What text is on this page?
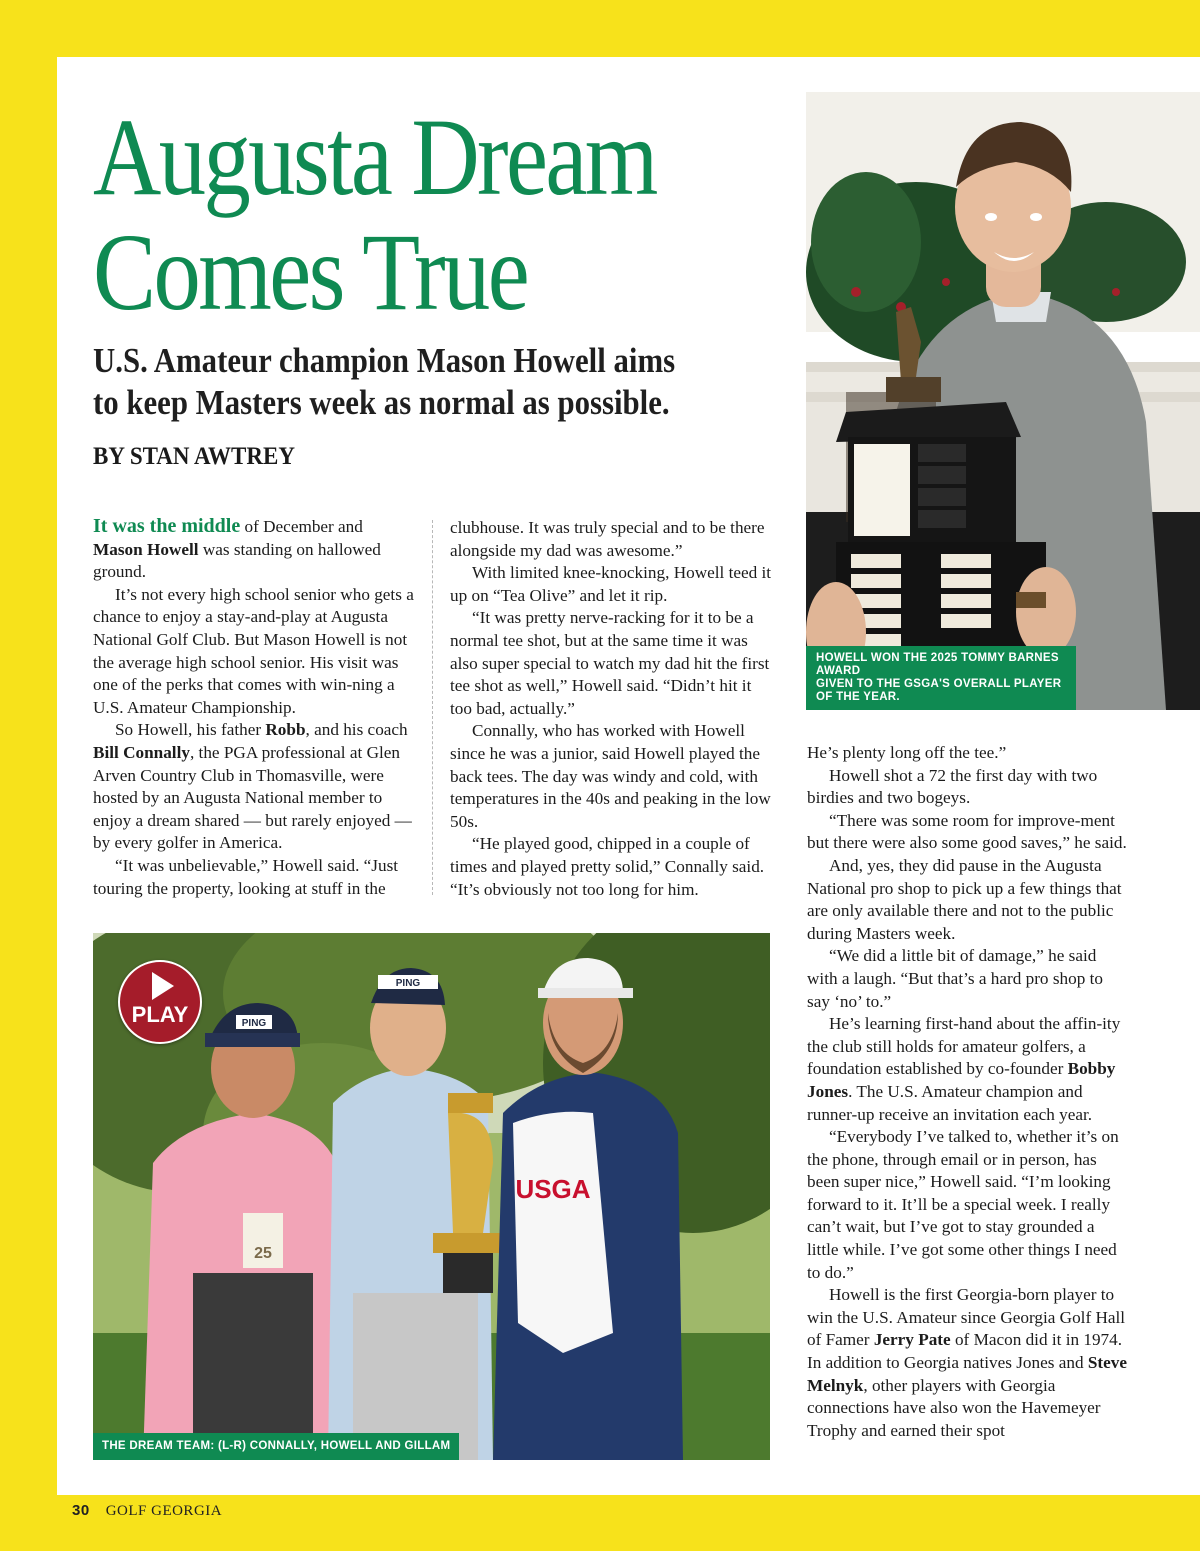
Augusta Dream
Comes True
U.S. Amateur champion Mason Howell aims
to keep Masters week as normal as possible.

BY STAN AWTREY

HOWELL WON THE 2025 TOMMY BARNES AWARD
GIVEN TO THE GSGA'S OVERALL PLAYER OF THE YEAR.

It was the middle of December and Mason Howell was standing on hallowed ground.

It’s not every high school senior who gets a chance to enjoy a stay-and-play at Augusta National Golf Club. But Mason Howell is not the average high school senior. His visit was one of the perks that comes with win-ning a U.S. Amateur Championship.

So Howell, his father Robb, and his coach Bill Connally, the PGA professional at Glen Arven Country Club in Thomasville, were hosted by an Augusta National member to enjoy a dream shared — but rarely enjoyed — by every golfer in America.

“It was unbelievable,” Howell said. “Just touring the property, looking at stuff in the

clubhouse. It was truly special and to be there alongside my dad was awesome.”

With limited knee-knocking, Howell teed it up on “Tea Olive” and let it rip.

“It was pretty nerve-racking for it to be a normal tee shot, but at the same time it was also super special to watch my dad hit the first tee shot as well,” Howell said. “Didn’t hit it too bad, actually.”

Connally, who has worked with Howell since he was a junior, said Howell played the back tees. The day was windy and cold, with temperatures in the 40s and peaking in the low 50s.

“He played good, chipped in a couple of times and played pretty solid,” Connally said. “It’s obviously not too long for him.

He’s plenty long off the tee.”

Howell shot a 72 the first day with two birdies and two bogeys.

“There was some room for improve-ment but there were also some good saves,” he said.

And, yes, they did pause in the Augusta National pro shop to pick up a few things that are only available there and not to the public during Masters week.

“We did a little bit of damage,” he said with a laugh. “But that’s a hard pro shop to say ‘no’ to.”

He’s learning first-hand about the affin-ity the club still holds for amateur golfers, a foundation established by co-founder Bobby Jones. The U.S. Amateur champion and runner-up receive an invitation each year.

“Everybody I’ve talked to, whether it’s on the phone, through email or in person, has been super nice,” Howell said. “I’m looking forward to it. It’ll be a special week. I really can’t wait, but I’ve got to stay grounded a little while. I’ve got some other things I need to do.”

Howell is the first Georgia-born player to win the U.S. Amateur since Georgia Golf Hall of Famer Jerry Pate of Macon did it in 1974. In addition to Georgia natives Jones and Steve Melnyk, other players with Georgia connections have also won the Havemeyer Trophy and earned their spot

PING
25
PING
USGA
THE DREAM TEAM: (L-R) CONNALLY, HOWELL AND GILLAM
PLAY
30 GOLF GEORGIA
